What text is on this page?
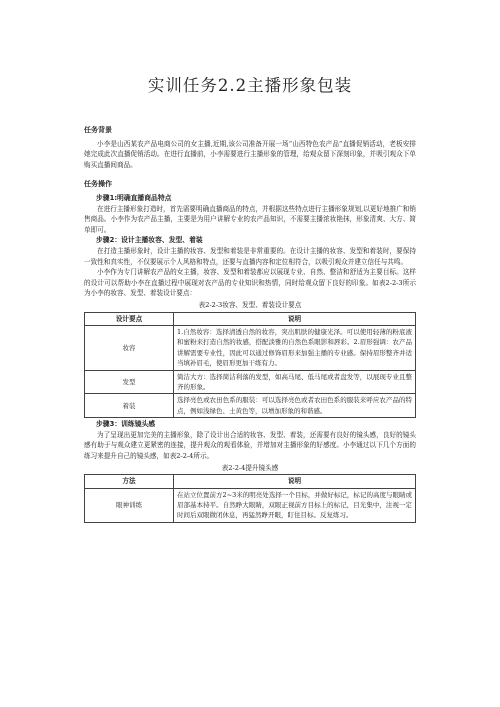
实训任务2.2主播形象包装
任务背景

小李是山西某农产品电商公司的女主播,近期,该公司准备开展一场“山西特色农产品”直播促销活动，老板安排她完成此次直播促销活动。在进行直播前，小李需要进行主播形象的管理，给观众留下深刻印象，并吸引观众下单购买直播间商品。

任务操作
步骤1:明确直播商品特点

在进行主播形象打造时，首先需要明确直播商品的特点，并根据这些特点进行主播形象规划,以更好地推广和销售商品。小李作为农产品主播，主要是为用户讲解专业的农产品知识，不需要主播浓妆艳抹，形象清爽、大方、简单即可。

步骤2：设计主播妆容、发型、着装

在打造主播形象时，设计主播的妆容、发型和着装是非常重要的。在设计主播的妆容、发型和着装时，要保持一致性和真实性，不仅要展示个人风格和特点，还要与直播内容和定位相符合，以吸引观众并建立信任与共鸣。

小李作为专门讲解农产品的女主播，妆容、发型和着装都应以展现专业、自然、整洁和舒适为主要目标。这样的设计可以帮助小李在直播过程中展现对农产品的专业知识和热情，同时给观众留下良好的印象。如表2-2-3所示为小李的妆容、发型、着装设计要点：

表2-2-3妆容、发型、着装设计要点
设计要点	说明
妆容	1.自然妆容：选择清透自然的妆容，突出肌肤的健康光泽。可以使用轻薄的粉底液和蜜粉来打造自然的妆感，搭配淡雅的自然色系眼影和唇彩。2.眉形强调：农产品讲解需要专业性，因此可以通过修饰眉形来加强主播的专业感。保持眉形整齐并适当填补眉毛，使眉形更加干练有力。
发型	简洁大方：选择简洁利落的发型，如高马尾、低马尾或者盘发等，以展现专业且整齐的形象。
着装	选择亮色或农田色系的服装：可以选择亮色或者农田色系的服装来呼应农产品的特点，例如浅绿色、土黄色等，以增加形象的和谐感。
步骤3：训练镜头感

为了呈现出更加完美的主播形象，除了设计出合适的妆容、发型、着装，还需要有良好的镜头感，良好的镜头感有助于与观众建立更紧密的连接，提升观众的观看体验，并增加对主播形象的好感度。小李通过以下几个方面的练习来提升自己的镜头感，如表2-2-4所示。

表2-2-4提升镜头感
方法	说明
眼神训练	在站立位置前方2~3米的明亮处选择一个目标，并做好标记，标记的高度与眼睛或眉部基本持平。自然睁大眼睛，双眼正视前方目标上的标记，目光集中，注视一定时间后双眼微闭休息，再猛然睁开眼，盯住目标。反复练习。
